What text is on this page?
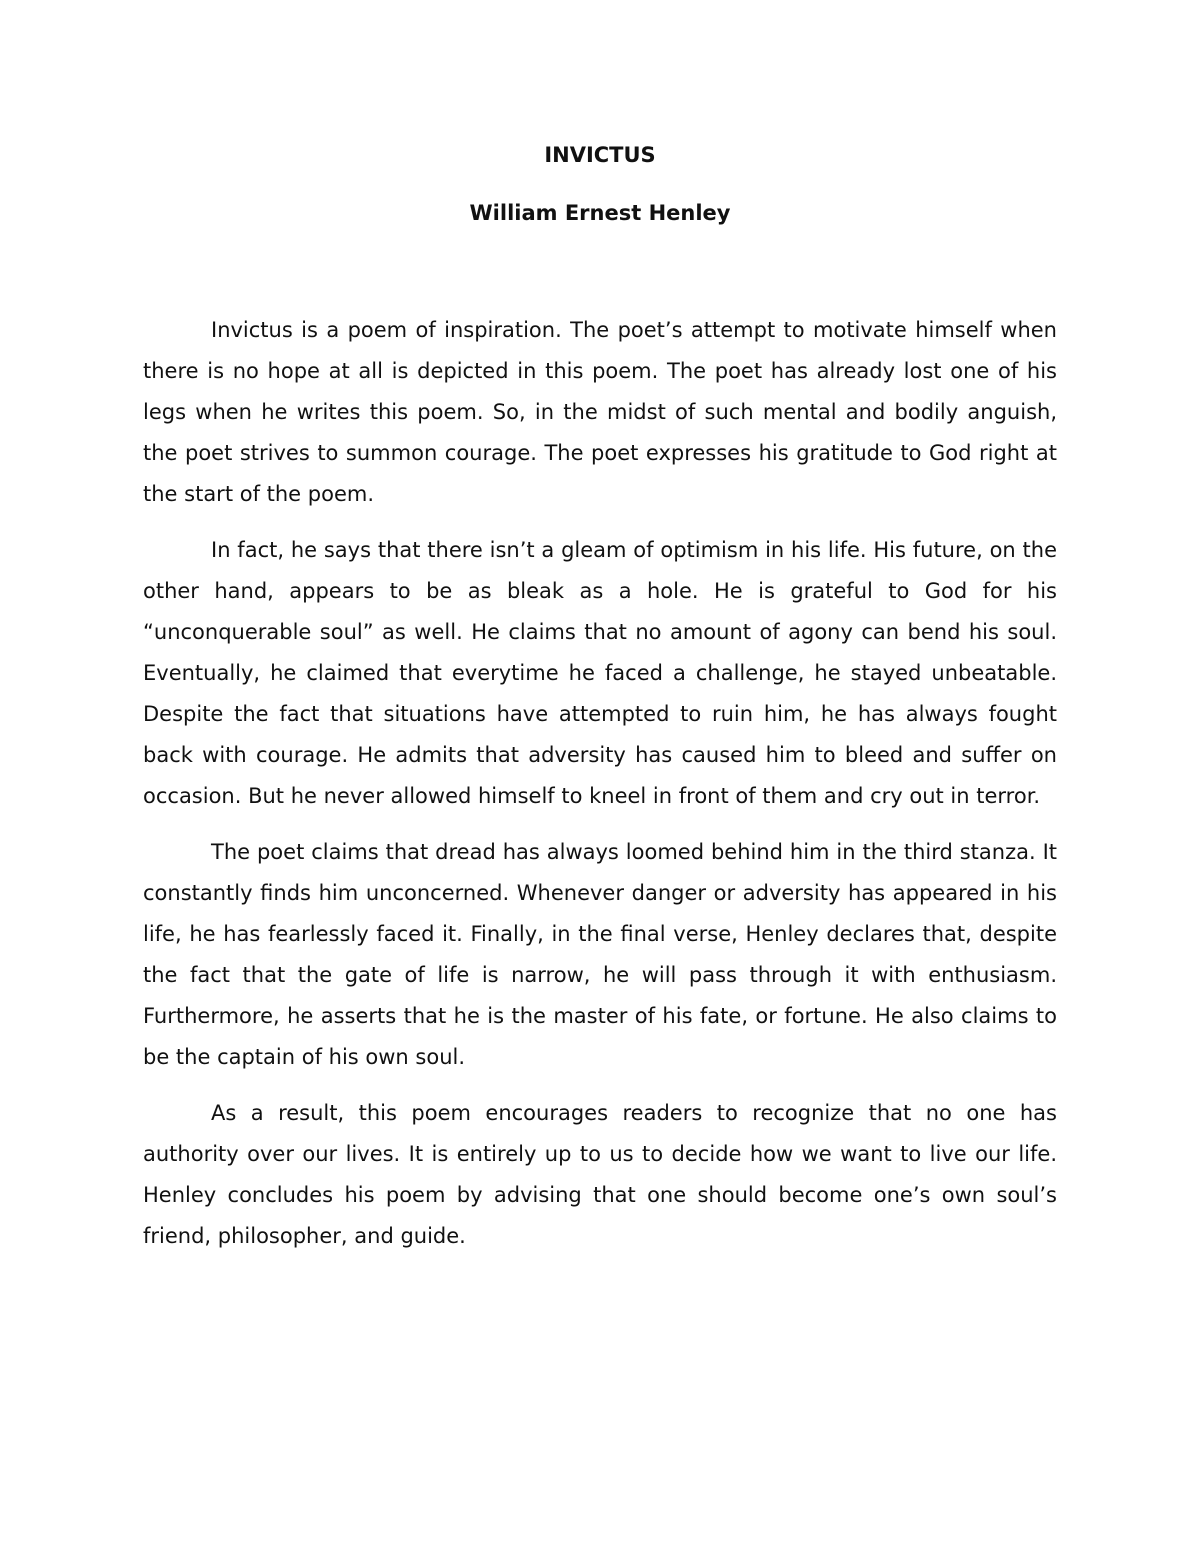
INVICTUS
William Ernest Henley

Invictus is a poem of inspiration. The poet’s attempt to motivate himself when there is no hope at all is depicted in this poem. The poet has already lost one of his legs when he writes this poem. So, in the midst of such mental and bodily anguish, the poet strives to summon courage. The poet expresses his gratitude to God right at the start of the poem.

In fact, he says that there isn’t a gleam of optimism in his life. His future, on the other hand, appears to be as bleak as a hole. He is grateful to God for his “unconquerable soul” as well. He claims that no amount of agony can bend his soul. Eventually, he claimed that everytime he faced a challenge, he stayed unbeatable. Despite the fact that situations have attempted to ruin him, he has always fought back with courage. He admits that adversity has caused him to bleed and suffer on occasion. But he never allowed himself to kneel in front of them and cry out in terror.

The poet claims that dread has always loomed behind him in the third stanza. It constantly finds him unconcerned. Whenever danger or adversity has appeared in his life, he has fearlessly faced it. Finally, in the final verse, Henley declares that, despite the fact that the gate of life is narrow, he will pass through it with enthusiasm. Furthermore, he asserts that he is the master of his fate, or fortune. He also claims to be the captain of his own soul.

As a result, this poem encourages readers to recognize that no one has authority over our lives. It is entirely up to us to decide how we want to live our life. Henley concludes his poem by advising that one should become one’s own soul’s friend, philosopher, and guide.
